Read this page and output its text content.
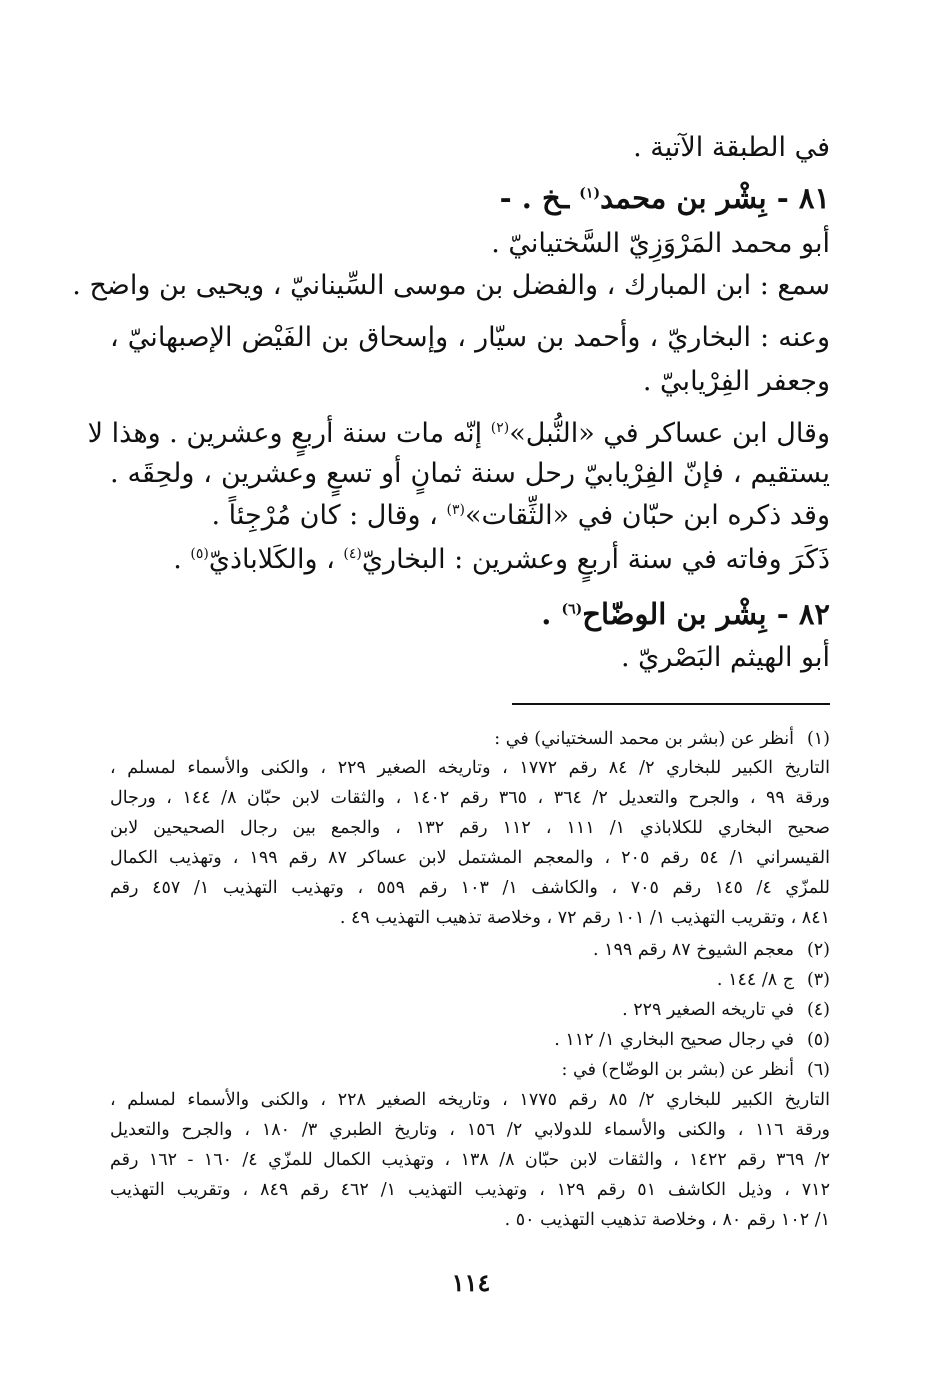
في الطبقة الآتية .
٨١ - بِشْر بن محمد$^{(١)}$ ـخ . -
أبو محمد المَرْوَزِيّ السَّختيانيّ .
سمع : ابن المبارك ، والفضل بن موسى السِّينانيّ ، ويحيى بن واضح .
وعنه : البخاريّ ، وأحمد بن سيّار ، وإسحاق بن الفَيْض الإصبهانيّ ،
وجعفر الفِرْيابيّ .
وقال ابن عساكر في «النُّبل»$^{(٢)}$ إنّه مات سنة أربعٍ وعشرين . وهذا لا
يستقيم ، فإنّ الفِرْيابيّ رحل سنة ثمانٍ أو تسعٍ وعشرين ، ولحِقَه .
وقد ذكره ابن حبّان في «الثِّقات»$^{(٣)}$ ، وقال : كان مُرْجِئاً .
ذَكَرَ وفاته في سنة أربعٍ وعشرين : البخاريّ$^{(٤)}$ ، والكَلاباذيّ$^{(٥)}$ .
٨٢ - بِشْر بن الوضّاح$^{(٦)}$ .
أبو الهيثم البَصْريّ .
(١)أنظر عن (بشر بن محمد السختياني) في :
التاريخ الكبير للبخاري ٢/ ٨٤ رقم ١٧٧٢ ، وتاريخه الصغير ٢٢٩ ، والكنى والأسماء لمسلم ،
ورقة ٩٩ ، والجرح والتعديل ٢/ ٣٦٤ ، ٣٦٥ رقم ١٤٠٢ ، والثقات لابن حبّان ٨/ ١٤٤ ، ورجال
صحيح البخاري للكلاباذي ١/ ١١١ ، ١١٢ رقم ١٣٢ ، والجمع بين رجال الصحيحين لابن
القيسراني ١/ ٥٤ رقم ٢٠٥ ، والمعجم المشتمل لابن عساكر ٨٧ رقم ١٩٩ ، وتهذيب الكمال
للمزّي ٤/ ١٤٥ رقم ٧٠٥ ، والكاشف ١/ ١٠٣ رقم ٥٥٩ ، وتهذيب التهذيب ١/ ٤٥٧ رقم
٨٤١ ، وتقريب التهذيب ١/ ١٠١ رقم ٧٢ ، وخلاصة تذهيب التهذيب ٤٩ .
(٢)معجم الشيوخ ٨٧ رقم ١٩٩ .
(٣)ج ٨/ ١٤٤ .
(٤)في تاريخه الصغير ٢٢٩ .
(٥)في رجال صحيح البخاري ١/ ١١٢ .
(٦)أنظر عن (بشر بن الوضّاح) في :
التاريخ الكبير للبخاري ٢/ ٨٥ رقم ١٧٧٥ ، وتاريخه الصغير ٢٢٨ ، والكنى والأسماء لمسلم ،
ورقة ١١٦ ، والكنى والأسماء للدولابي ٢/ ١٥٦ ، وتاريخ الطبري ٣/ ١٨٠ ، والجرح والتعديل
٢/ ٣٦٩ رقم ١٤٢٢ ، والثقات لابن حبّان ٨/ ١٣٨ ، وتهذيب الكمال للمزّي ٤/ ١٦٠ - ١٦٢ رقم
٧١٢ ، وذيل الكاشف ٥١ رقم ١٢٩ ، وتهذيب التهذيب ١/ ٤٦٢ رقم ٨٤٩ ، وتقريب التهذيب
١/ ١٠٢ رقم ٨٠ ، وخلاصة تذهيب التهذيب ٥٠ .
١١٤
